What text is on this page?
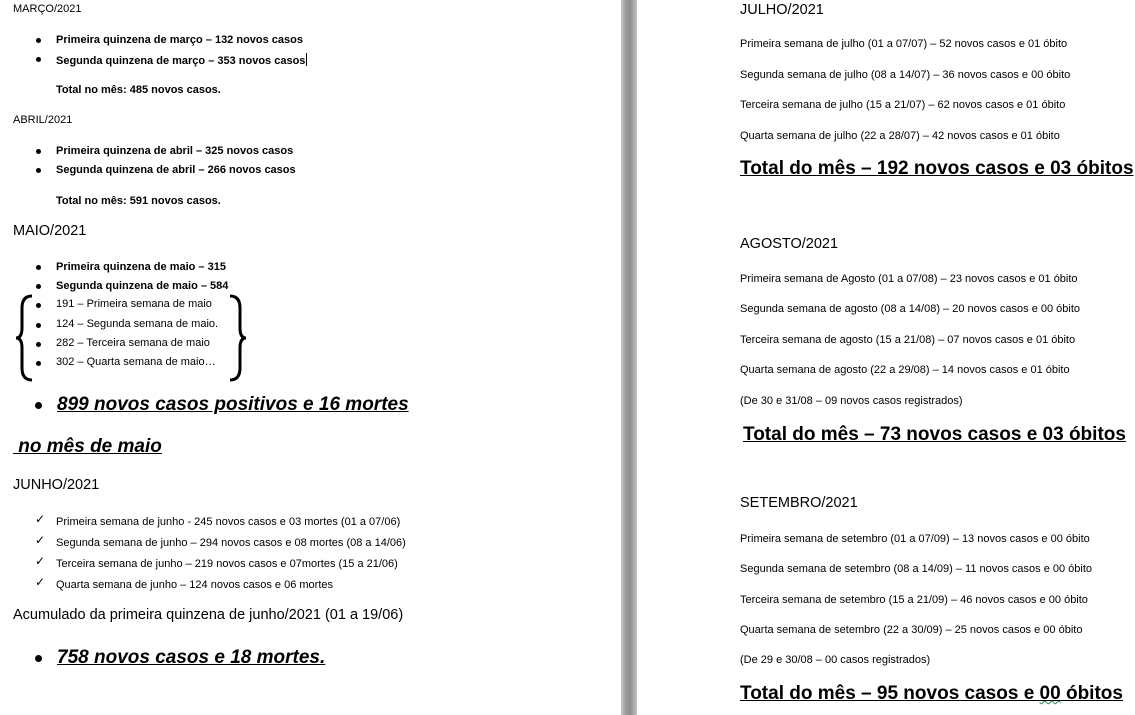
MARÇO/2021
Primeira quinzena de março – 132 novos casos
Segunda quinzena de março – 353 novos casos
Total no mês: 485 novos casos.
ABRIL/2021
Primeira quinzena de abril – 325 novos casos
Segunda quinzena de abril – 266 novos casos
Total no mês: 591 novos casos.
MAIO/2021
Primeira quinzena de maio – 315
Segunda quinzena de maio – 584
191 – Primeira semana de maio
124 – Segunda semana de maio.
282 – Terceira semana de maio
302 – Quarta semana de maio…
899 novos casos positivos e 16 mortes
no mês de maio
JUNHO/2021
✓ Primeira semana de junho - 245 novos casos e 03 mortes (01 a 07/06)
✓ Segunda semana de junho – 294 novos casos e 08 mortes (08 a 14/06)
✓ Terceira semana de junho – 219 novos casos e 07mortes (15 a 21/06)
✓ Quarta semana de junho – 124 novos casos e 06 mortes
Acumulado da primeira quinzena de junho/2021 (01 a 19/06)
758 novos casos e 18 mortes.
JULHO/2021
Primeira semana de julho (01 a 07/07) – 52 novos casos e 01 óbito
Segunda semana de julho (08 a 14/07) – 36 novos casos e 00 óbito
Terceira semana de julho (15 a 21/07) – 62 novos casos e 01 óbito
Quarta semana de julho (22 a 28/07) – 42 novos casos e 01 óbito
Total do mês – 192 novos casos e 03 óbitos
AGOSTO/2021
Primeira semana de Agosto (01 a 07/08) – 23 novos casos e 01 óbito
Segunda semana de agosto (08 a 14/08) – 20 novos casos e 00 óbito
Terceira semana de agosto (15 a 21/08) – 07 novos casos e 01 óbito
Quarta semana de agosto (22 a 29/08) – 14 novos casos e 01 óbito
(De 30 e 31/08 – 09 novos casos registrados)
Total do mês – 73 novos casos e 03 óbitos
SETEMBRO/2021
Primeira semana de setembro (01 a 07/09) – 13 novos casos e 00 óbito
Segunda semana de setembro (08 a 14/09) – 11 novos casos e 00 óbito
Terceira semana de setembro (15 a 21/09) – 46 novos casos e 00 óbito
Quarta semana de setembro (22 a 30/09) – 25 novos casos e 00 óbito
(De 29 e 30/08 – 00 casos registrados)
Total do mês – 95 novos casos e 00 óbitos
